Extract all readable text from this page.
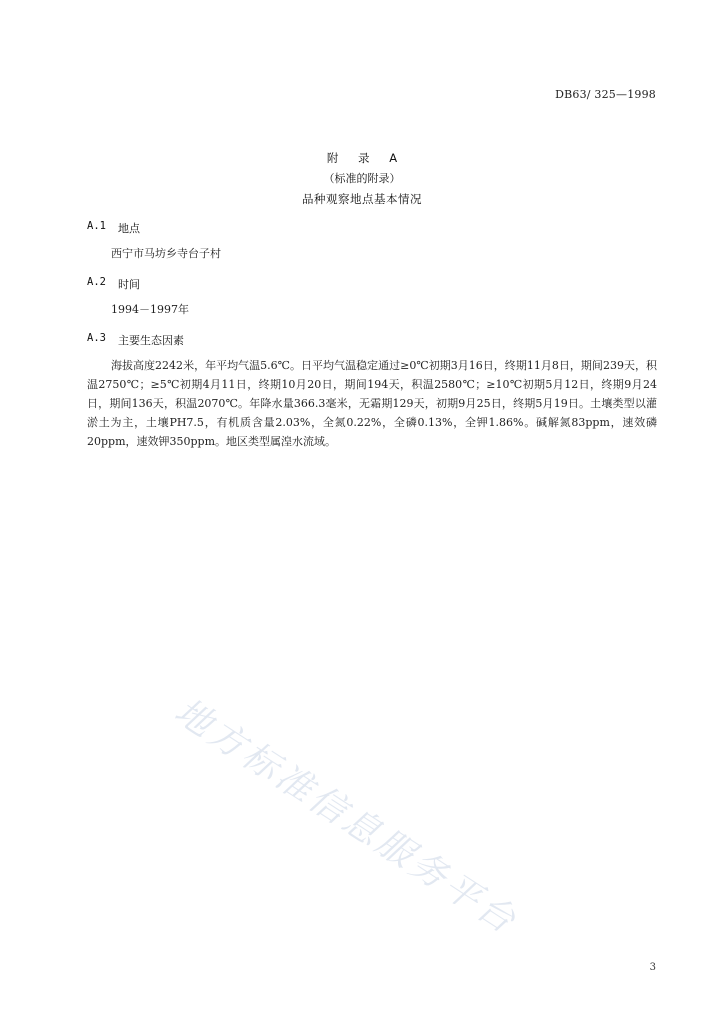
DB63/ 325—1998
附 录 A
（标准的附录）
品种观察地点基本情况
A.1 地点

西宁市马坊乡寺台子村

A.2 时间

1994－1997年

A.3 主要生态因素

海拔高度2242米，年平均气温5.6℃。日平均气温稳定通过≥0℃初期3月16日，终期11月8日，期间239天，积温2750℃；≥5℃初期4月11日，终期10月20日，期间194天，积温2580℃；≥10℃初期5月12日，终期9月24日，期间136天，积温2070℃。年降水量366.3毫米，无霜期129天，初期9月25日，终期5月19日。土壤类型以灌淤土为主，土壤PH7.5，有机质含量2.03%，全氮0.22%，全磷0.13%，全钾1.86%。碱解氮83ppm，速效磷20ppm，速效钾350ppm。地区类型属湟水流域。

地方标准信息服务平台
3
